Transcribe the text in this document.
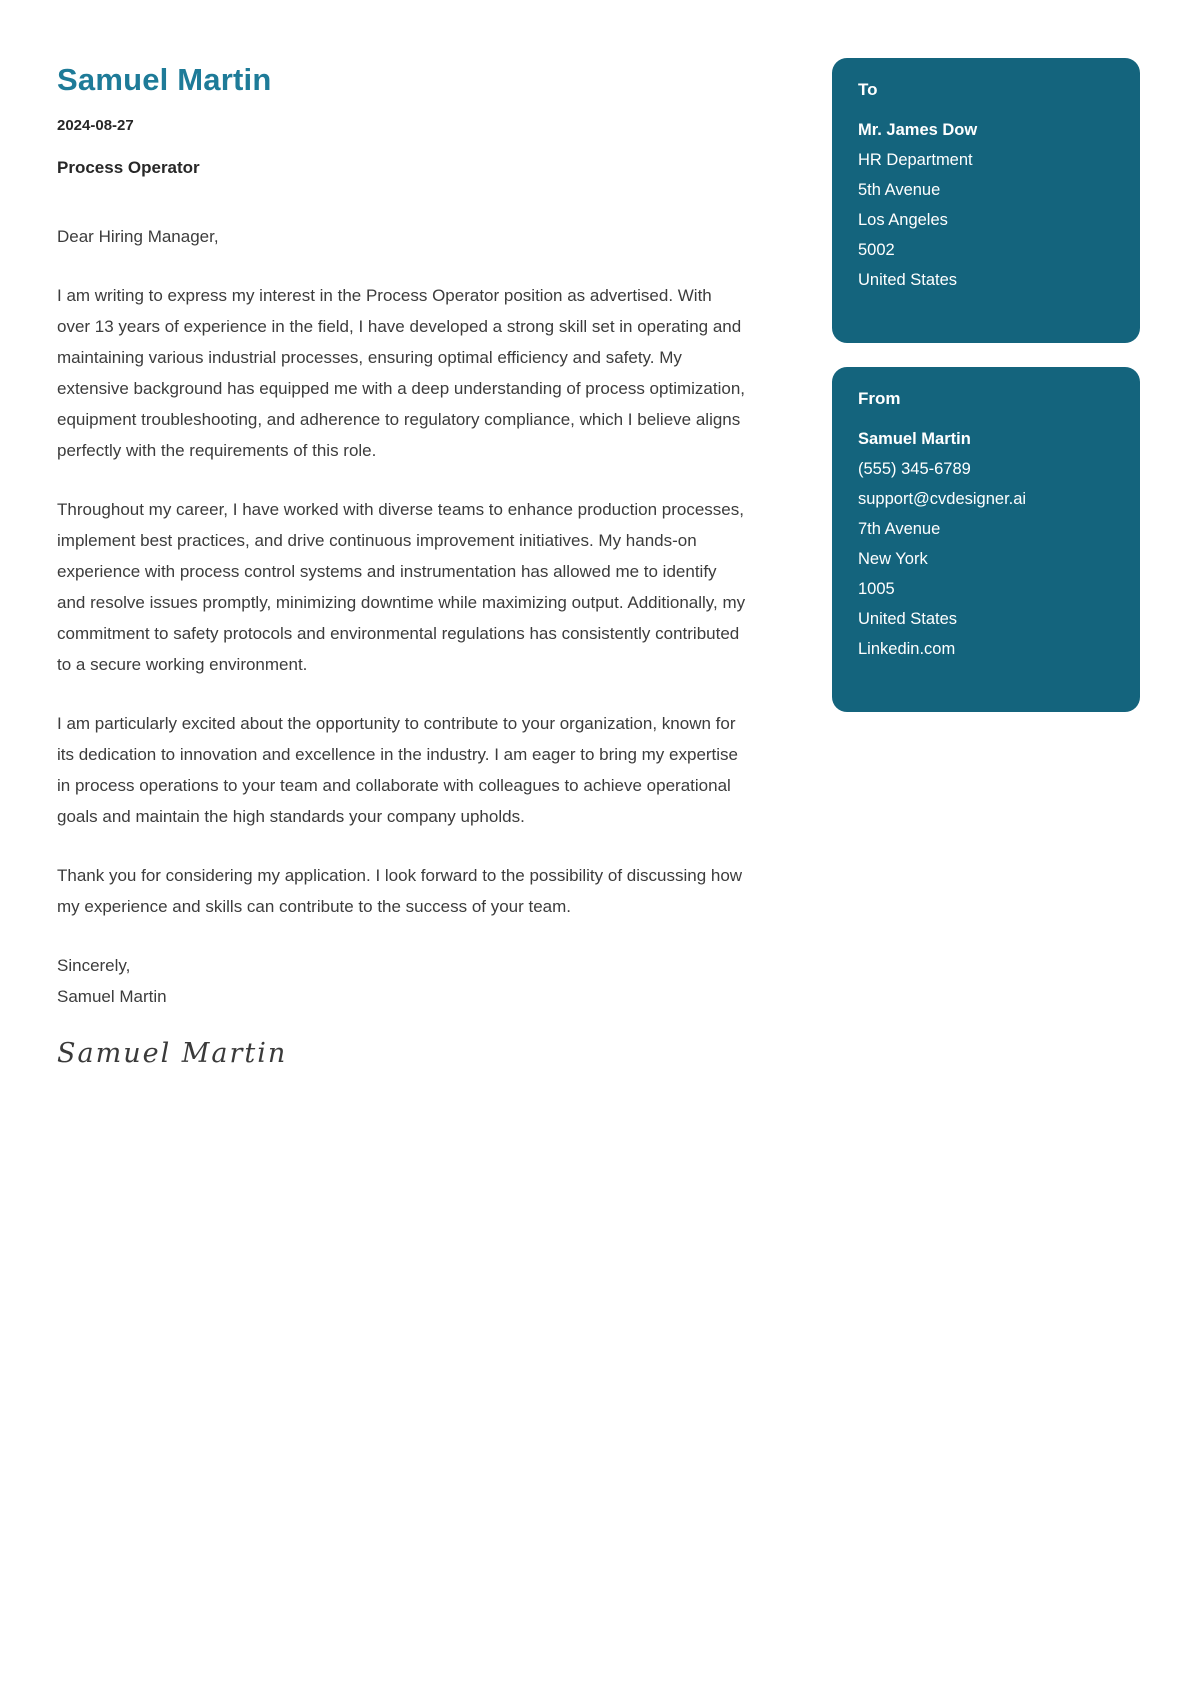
Samuel Martin
2024-08-27
Process Operator
Dear Hiring Manager,
I am writing to express my interest in the Process Operator position as advertised. With over 13 years of experience in the field, I have developed a strong skill set in operating and maintaining various industrial processes, ensuring optimal efficiency and safety. My extensive background has equipped me with a deep understanding of process optimization, equipment troubleshooting, and adherence to regulatory compliance, which I believe aligns perfectly with the requirements of this role.
Throughout my career, I have worked with diverse teams to enhance production processes, implement best practices, and drive continuous improvement initiatives. My hands-on experience with process control systems and instrumentation has allowed me to identify and resolve issues promptly, minimizing downtime while maximizing output. Additionally, my commitment to safety protocols and environmental regulations has consistently contributed to a secure working environment.
I am particularly excited about the opportunity to contribute to your organization, known for its dedication to innovation and excellence in the industry. I am eager to bring my expertise in process operations to your team and collaborate with colleagues to achieve operational goals and maintain the high standards your company upholds.
Thank you for considering my application. I look forward to the possibility of discussing how my experience and skills can contribute to the success of your team.
Sincerely,
Samuel Martin
Samuel Martin
To
Mr. James Dow
HR Department
5th Avenue
Los Angeles
5002
United States
From
Samuel Martin
(555) 345-6789
support@cvdesigner.ai
7th Avenue
New York
1005
United States
Linkedin.com
